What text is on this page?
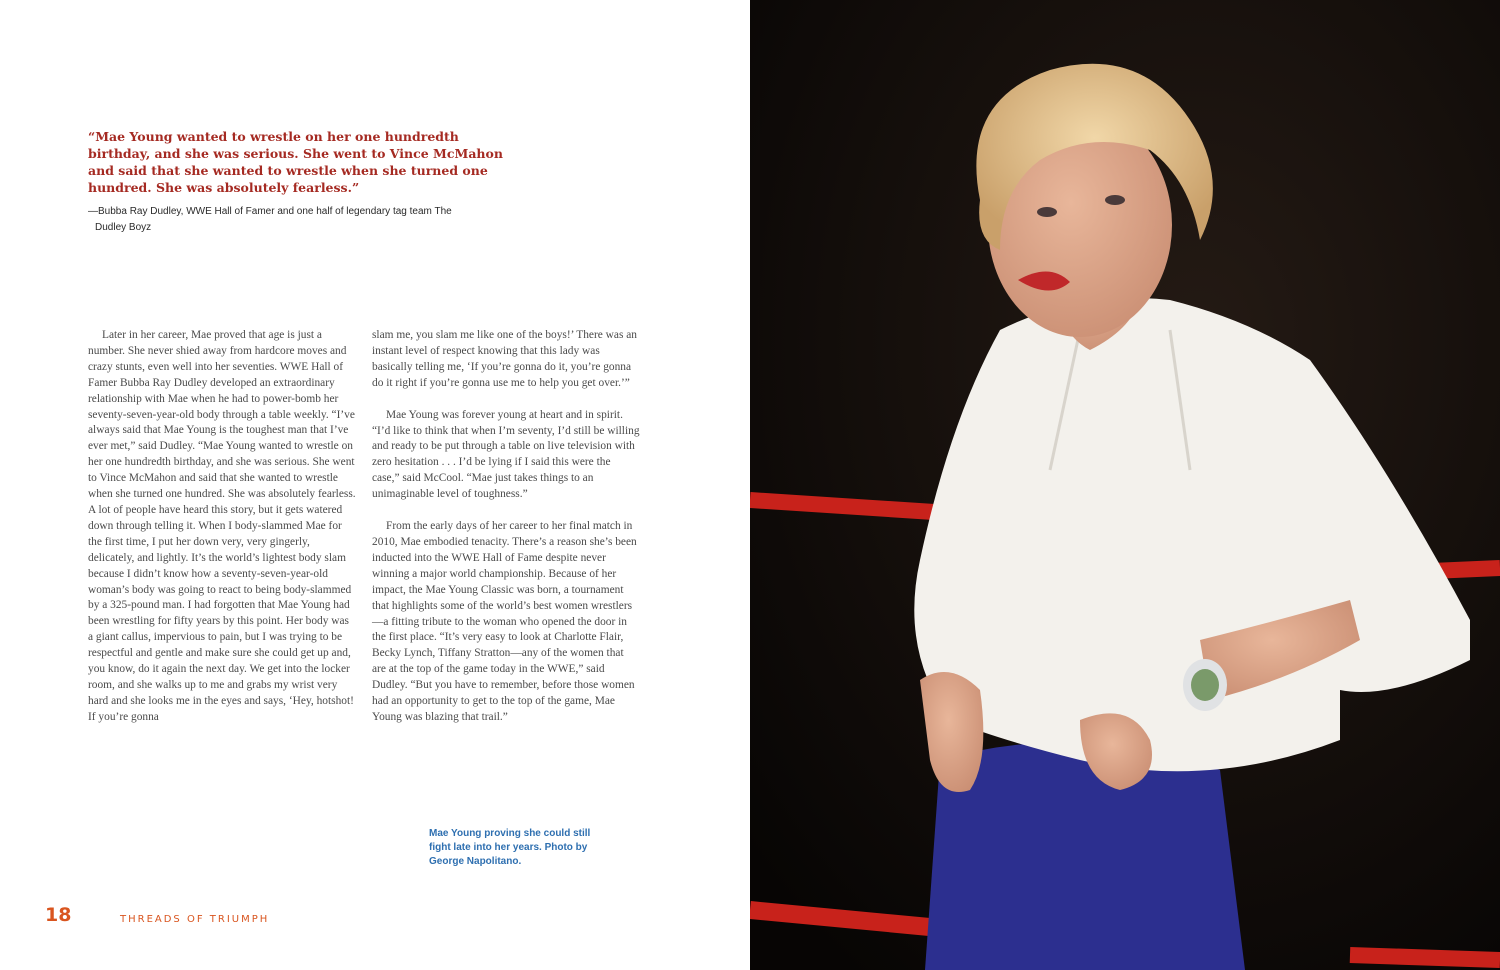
“Mae Young wanted to wrestle on her one hundredth birthday, and she was serious. She went to Vince McMahon and said that she wanted to wrestle when she turned one hundred. She was absolutely fearless.”

—Bubba Ray Dudley, WWE Hall of Famer and one half of legendary tag team The Dudley Boyz

Later in her career, Mae proved that age is just a number. She never shied away from hardcore moves and crazy stunts, even well into her seventies. WWE Hall of Famer Bubba Ray Dudley developed an extraordinary relationship with Mae when he had to power-bomb her seventy-seven-year-old body through a table weekly. “I’ve always said that Mae Young is the toughest man that I’ve ever met,” said Dudley. “Mae Young wanted to wrestle on her one hundredth birthday, and she was serious. She went to Vince McMahon and said that she wanted to wrestle when she turned one hundred. She was absolutely fearless. A lot of people have heard this story, but it gets watered down through telling it. When I body-slammed Mae for the first time, I put her down very, very gingerly, delicately, and lightly. It’s the world’s lightest body slam because I didn’t know how a seventy-seven-year-old woman’s body was going to react to being body-slammed by a 325-pound man. I had forgotten that Mae Young had been wrestling for fifty years by this point. Her body was a giant callus, impervious to pain, but I was trying to be respectful and gentle and make sure she could get up and, you know, do it again the next day. We get into the locker room, and she walks up to me and grabs my wrist very hard and she looks me in the eyes and says, ‘Hey, hotshot! If you’re gonna

slam me, you slam me like one of the boys!’ There was an instant level of respect knowing that this lady was basically telling me, ‘If you’re gonna do it, you’re gonna do it right if you’re gonna use me to help you get over.’”

Mae Young was forever young at heart and in spirit. “I’d like to think that when I’m seventy, I’d still be willing and ready to be put through a table on live television with zero hesitation . . . I’d be lying if I said this were the case,” said McCool. “Mae just takes things to an unimaginable level of toughness.”

From the early days of her career to her final match in 2010, Mae embodied tenacity. There’s a reason she’s been inducted into the WWE Hall of Fame despite never winning a major world championship. Because of her impact, the Mae Young Classic was born, a tournament that highlights some of the world’s best women wrestlers—a fitting tribute to the woman who opened the door in the first place. “It’s very easy to look at Charlotte Flair, Becky Lynch, Tiffany Stratton—any of the women that are at the top of the game today in the WWE,” said Dudley. “But you have to remember, before those women had an opportunity to get to the top of the game, Mae Young was blazing that trail.”

Mae Young proving she could still fight late into her years. Photo by George Napolitano.

18	THREADS OF TRIUMPH
